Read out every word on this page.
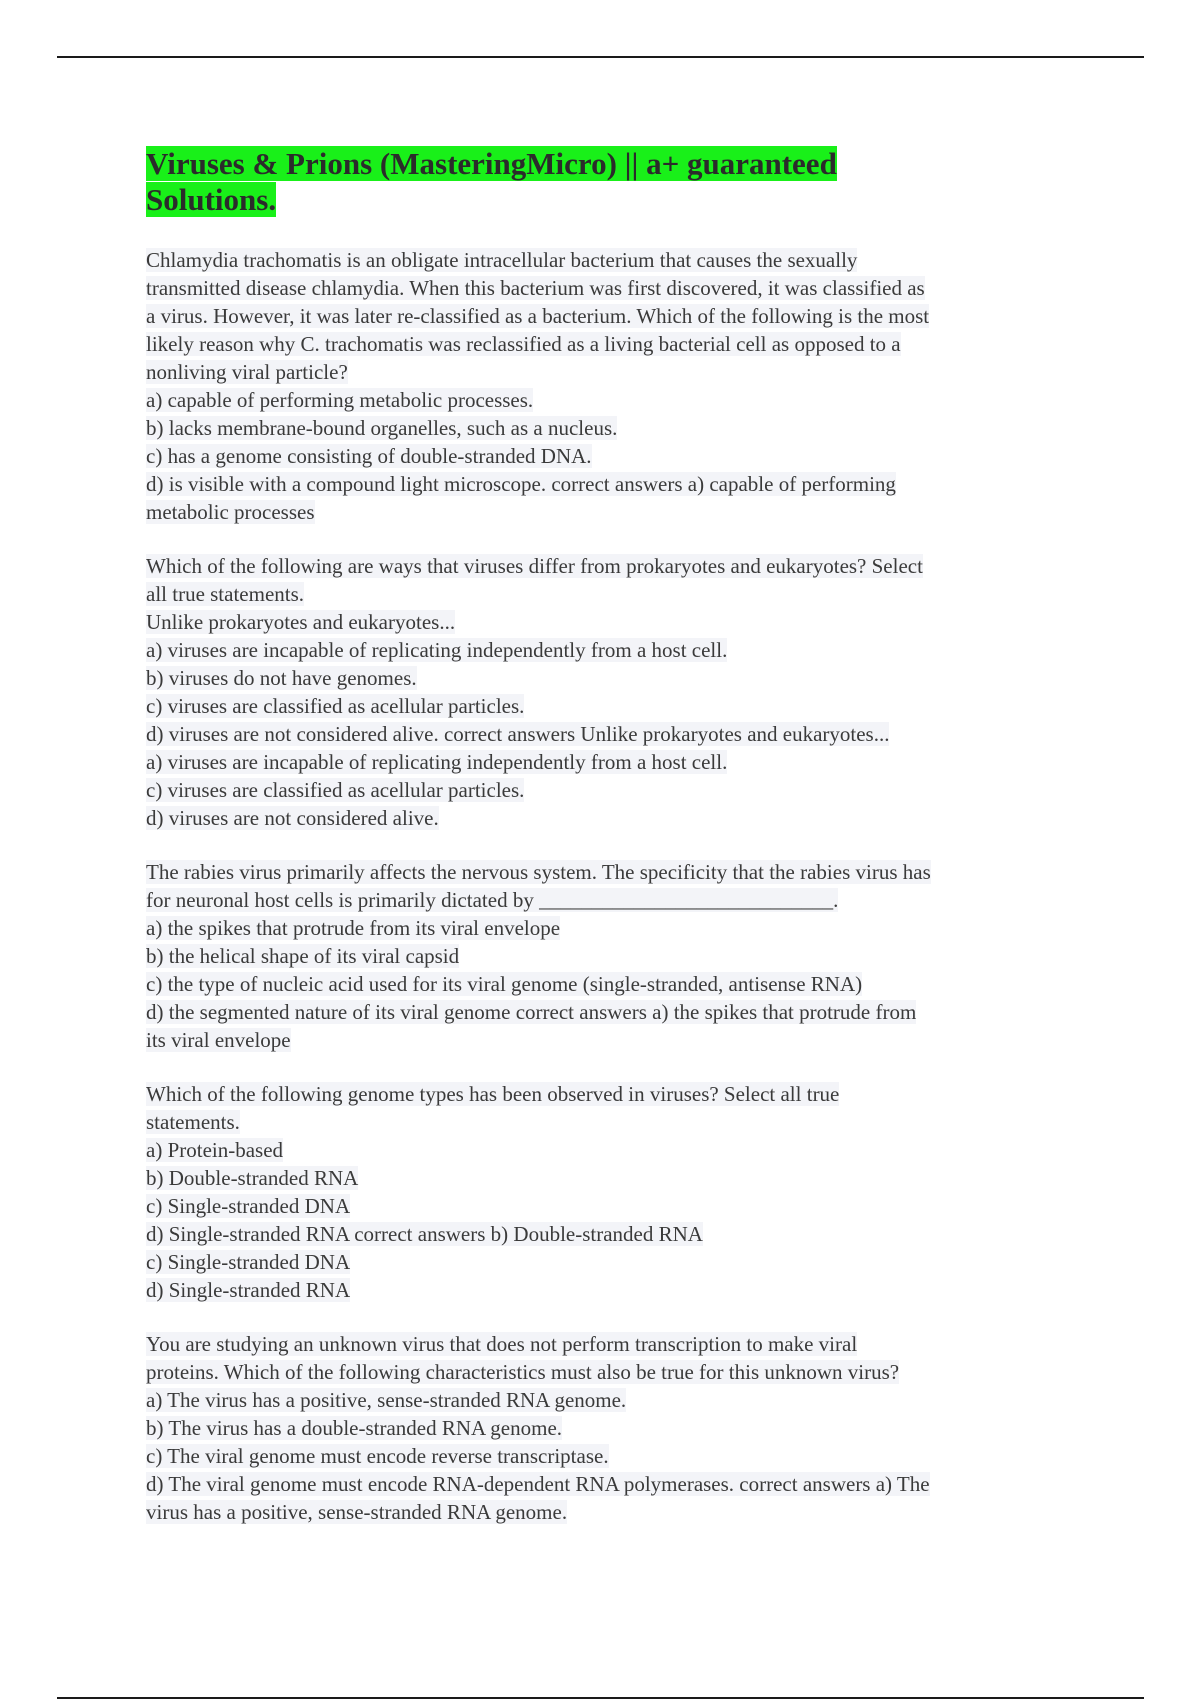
Viruses & Prions (MasteringMicro) || a+ guaranteed
Solutions.
Chlamydia trachomatis is an obligate intracellular bacterium that causes the sexually
transmitted disease chlamydia. When this bacterium was first discovered, it was classified as
a virus. However, it was later re-classified as a bacterium. Which of the following is the most
likely reason why C. trachomatis was reclassified as a living bacterial cell as opposed to a
nonliving viral particle?
a) capable of performing metabolic processes.
b) lacks membrane-bound organelles, such as a nucleus.
c) has a genome consisting of double-stranded DNA.
d) is visible with a compound light microscope. correct answers a) capable of performing
metabolic processes
Which of the following are ways that viruses differ from prokaryotes and eukaryotes? Select
all true statements.
Unlike prokaryotes and eukaryotes...
a) viruses are incapable of replicating independently from a host cell.
b) viruses do not have genomes.
c) viruses are classified as acellular particles.
d) viruses are not considered alive. correct answers Unlike prokaryotes and eukaryotes...
a) viruses are incapable of replicating independently from a host cell.
c) viruses are classified as acellular particles.
d) viruses are not considered alive.
The rabies virus primarily affects the nervous system. The specificity that the rabies virus has
for neuronal host cells is primarily dictated by ____________________________.
a) the spikes that protrude from its viral envelope
b) the helical shape of its viral capsid
c) the type of nucleic acid used for its viral genome (single-stranded, antisense RNA)
d) the segmented nature of its viral genome correct answers a) the spikes that protrude from
its viral envelope
Which of the following genome types has been observed in viruses? Select all true
statements.
a) Protein-based
b) Double-stranded RNA
c) Single-stranded DNA
d) Single-stranded RNA correct answers b) Double-stranded RNA
c) Single-stranded DNA
d) Single-stranded RNA
You are studying an unknown virus that does not perform transcription to make viral
proteins. Which of the following characteristics must also be true for this unknown virus?
a) The virus has a positive, sense-stranded RNA genome.
b) The virus has a double-stranded RNA genome.
c) The viral genome must encode reverse transcriptase.
d) The viral genome must encode RNA-dependent RNA polymerases. correct answers a) The
virus has a positive, sense-stranded RNA genome.
